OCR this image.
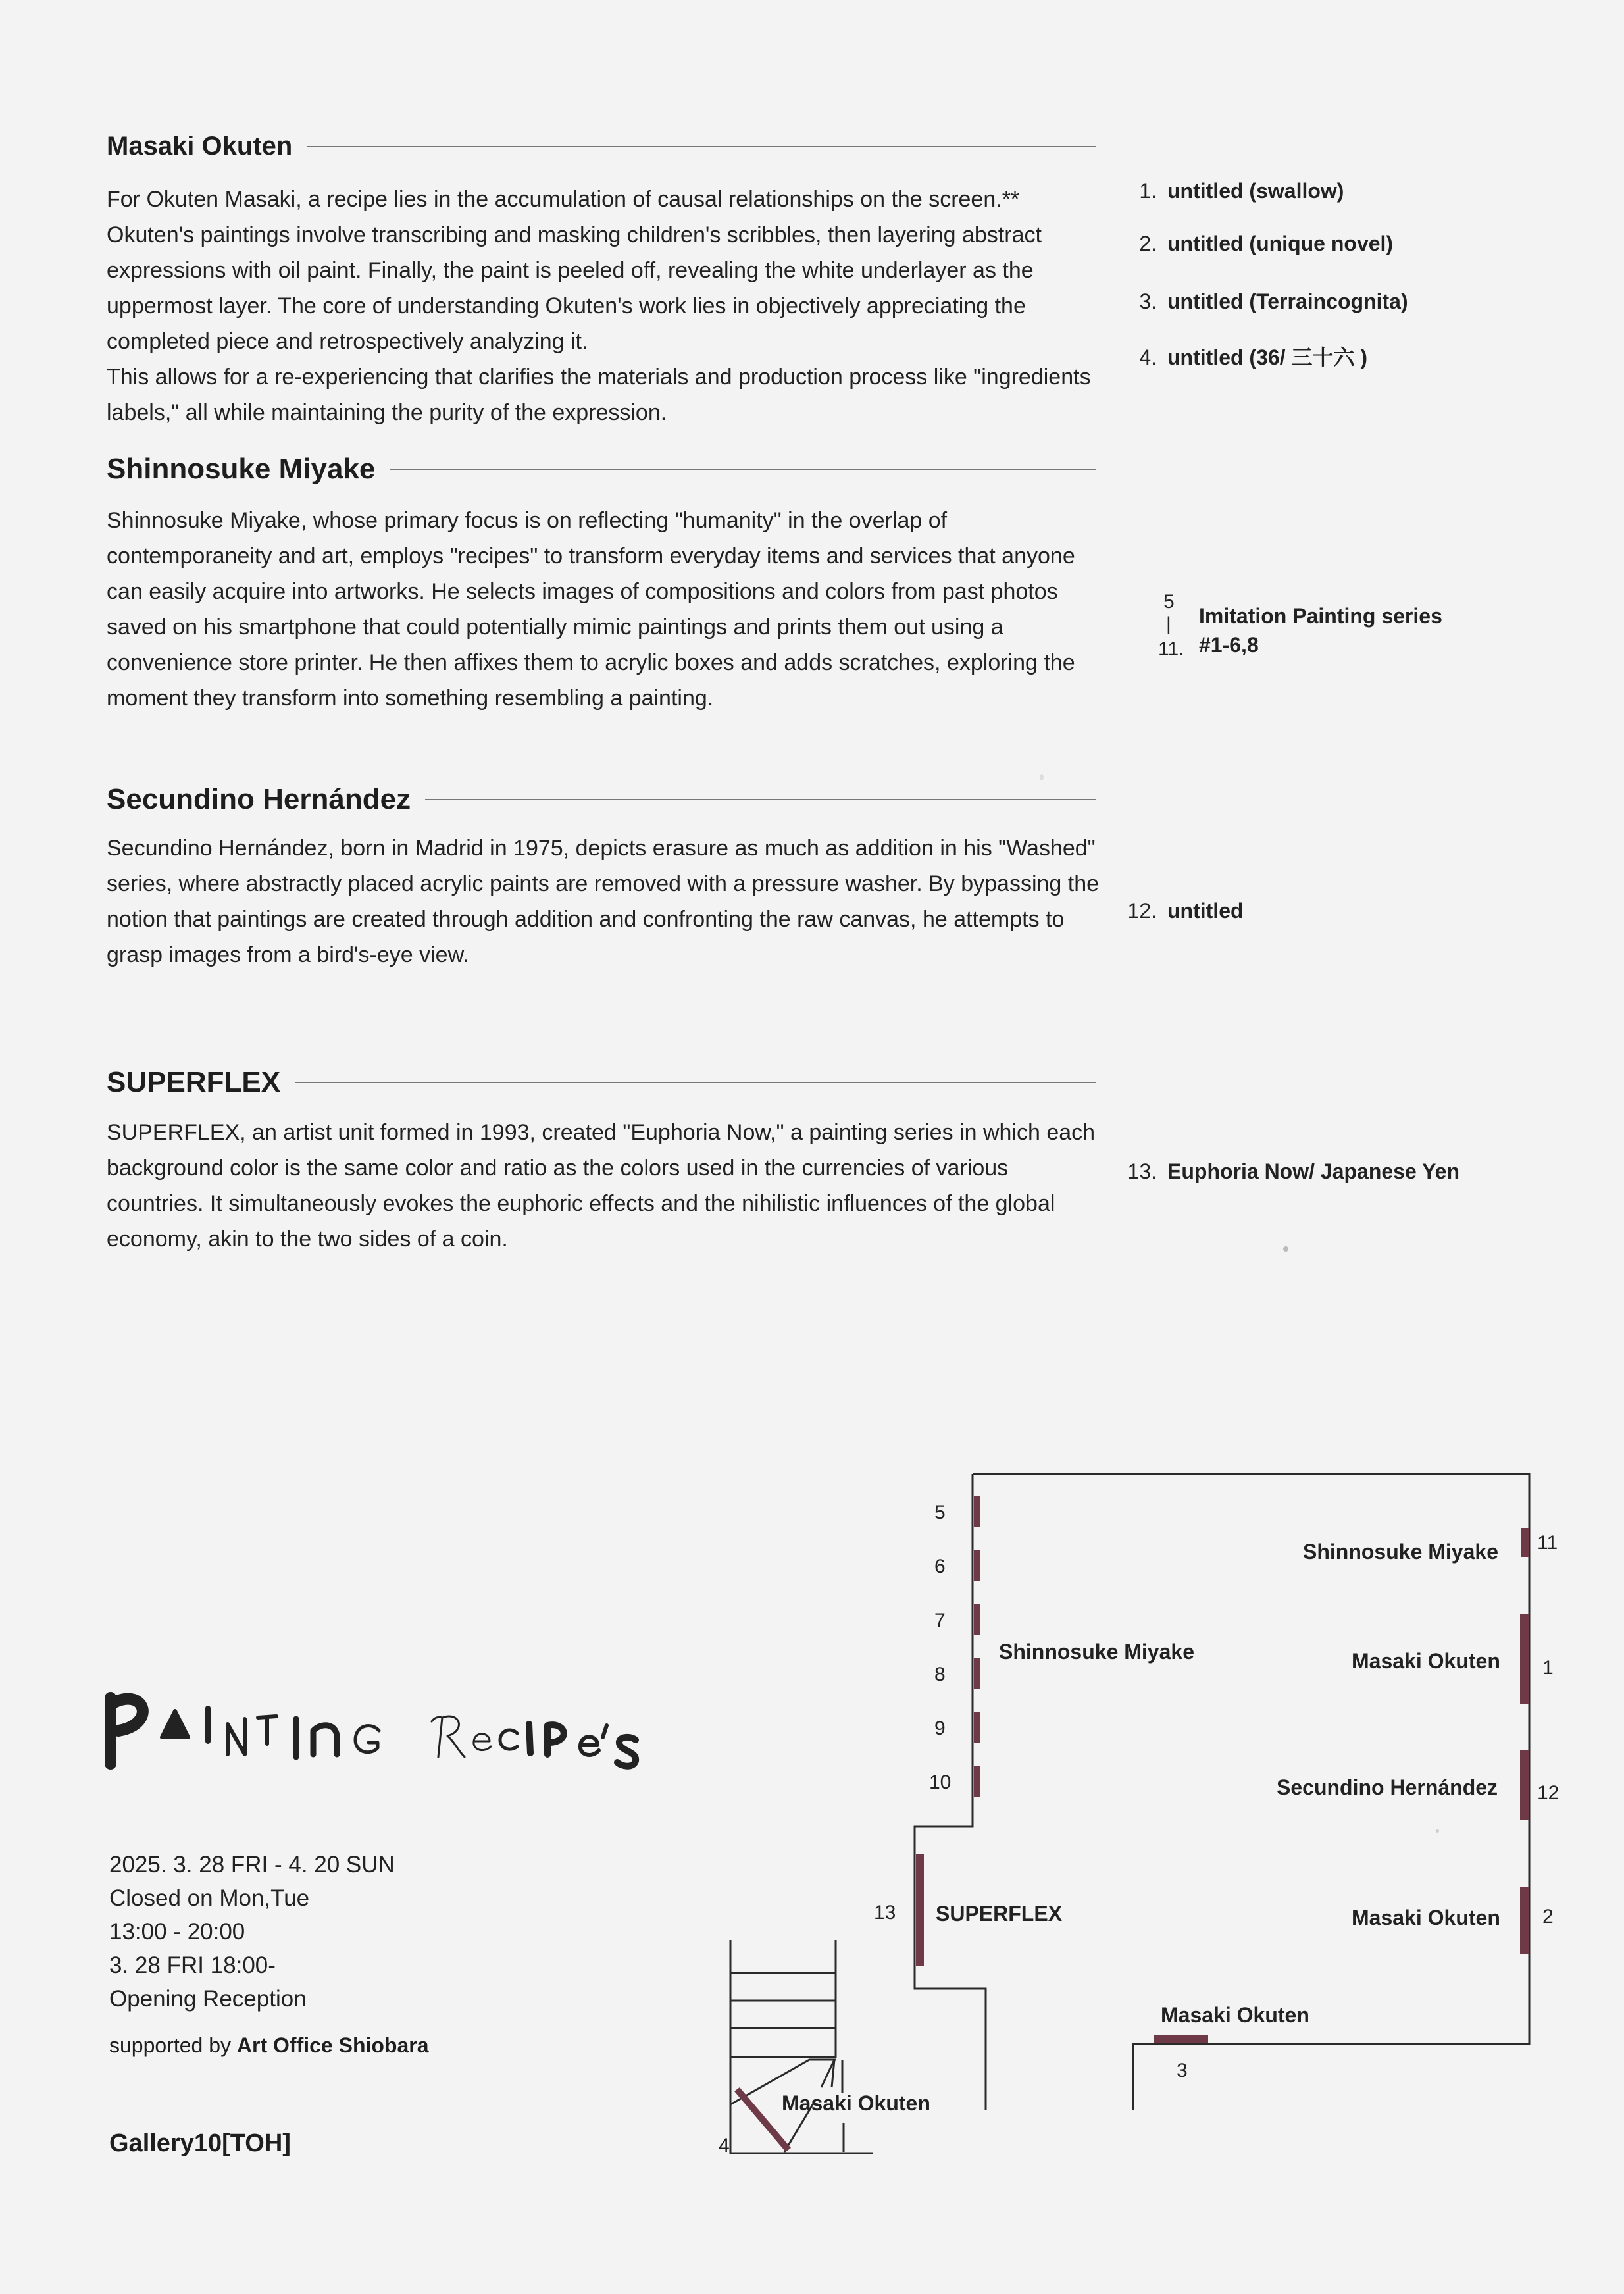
Masaki Okuten

For Okuten Masaki, a recipe lies in the accumulation of causal relationships on the screen.** Okuten's paintings involve transcribing and masking children's scribbles, then layering abstract expressions with oil paint. Finally, the paint is peeled off, revealing the white underlayer as the uppermost layer. The core of understanding Okuten's work lies in objectively appreciating the completed piece and retrospectively analyzing it.

This allows for a re-experiencing that clarifies the materials and production process like "ingredients labels," all while maintaining the purity of the expression.

Shinnosuke Miyake

Shinnosuke Miyake, whose primary focus is on reflecting "humanity" in the overlap of contemporaneity and art, employs "recipes" to transform everyday items and services that anyone can easily acquire into artworks. He selects images of compositions and colors from past photos saved on his smartphone that could potentially mimic paintings and prints them out using a convenience store printer. He then affixes them to acrylic boxes and adds scratches, exploring the moment they transform into something resembling a painting.

Secundino Hernández

Secundino Hernández, born in Madrid in 1975, depicts erasure as much as addition in his "Washed" series, where abstractly placed acrylic paints are removed with a pressure washer. By bypassing the notion that paintings are created through addition and confronting the raw canvas, he attempts to grasp images from a bird's-eye view.

SUPERFLEX

SUPERFLEX, an artist unit formed in 1993, created "Euphoria Now," a painting series in which each background color is the same color and ratio as the colors used in the currencies of various countries. It simultaneously evokes the euphoric effects and the nihilistic influences of the global economy, akin to the two sides of a coin.

1. untitled (swallow)
2. untitled (unique novel)
3. untitled (Terraincognita)
4. untitled (36/ 三十六 )
5
|
11.
Imitation Painting series
#1-6,8
12. untitled
13. Euphoria Now/ Japanese Yen
2025. 3. 28 FRI - 4. 20 SUN
Closed on Mon,Tue
13:00 - 20:00
3. 28 FRI 18:00-
Opening Reception
supported by Art Office Shiobara
Gallery10[TOH]
5
6
7
8
9
10
Shinnosuke Miyake
Shinnosuke Miyake
Masaki Okuten
Secundino Hernández
Masaki Okuten
SUPERFLEX
Masaki Okuten
Masaki Okuten
11
1
12
2
13
3
4
